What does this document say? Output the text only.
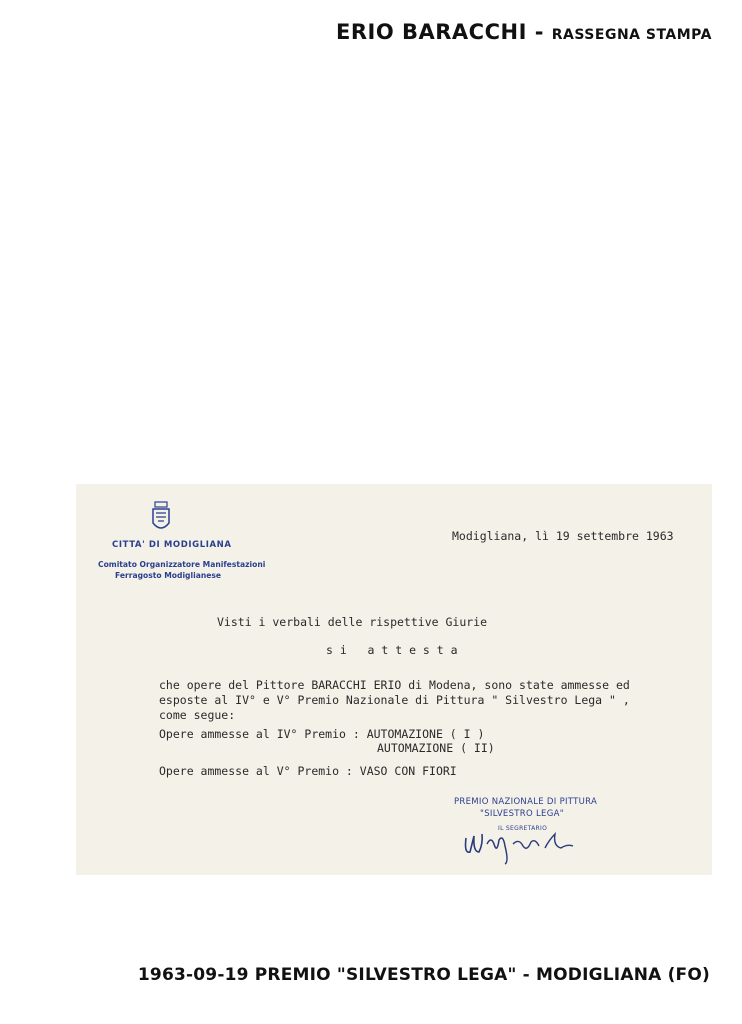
ERIO BARACCHI - RASSEGNA STAMPA
CITTA' DI MODIGLIANA
Comitato Organizzatore Manifestazioni
Ferragosto Modiglianese
Modigliana, lì 19 settembre 1963
Visti i verbali delle rispettive Giurie
s i   a t t e s t a
che opere del Pittore BARACCHI ERIO di Modena, sono state ammesse ed
esposte al IV° e V° Premio Nazionale di Pittura " Silvestro Lega " ,
come segue:
Opere ammesse al IV° Premio : AUTOMAZIONE ( I )
AUTOMAZIONE ( II)
Opere ammesse al V° Premio : VASO CON FIORI
PREMIO NAZIONALE DI PITTURA
"SILVESTRO LEGA"
IL SEGRETARIO
1963-09-19 PREMIO "SILVESTRO LEGA" - MODIGLIANA (FO)
